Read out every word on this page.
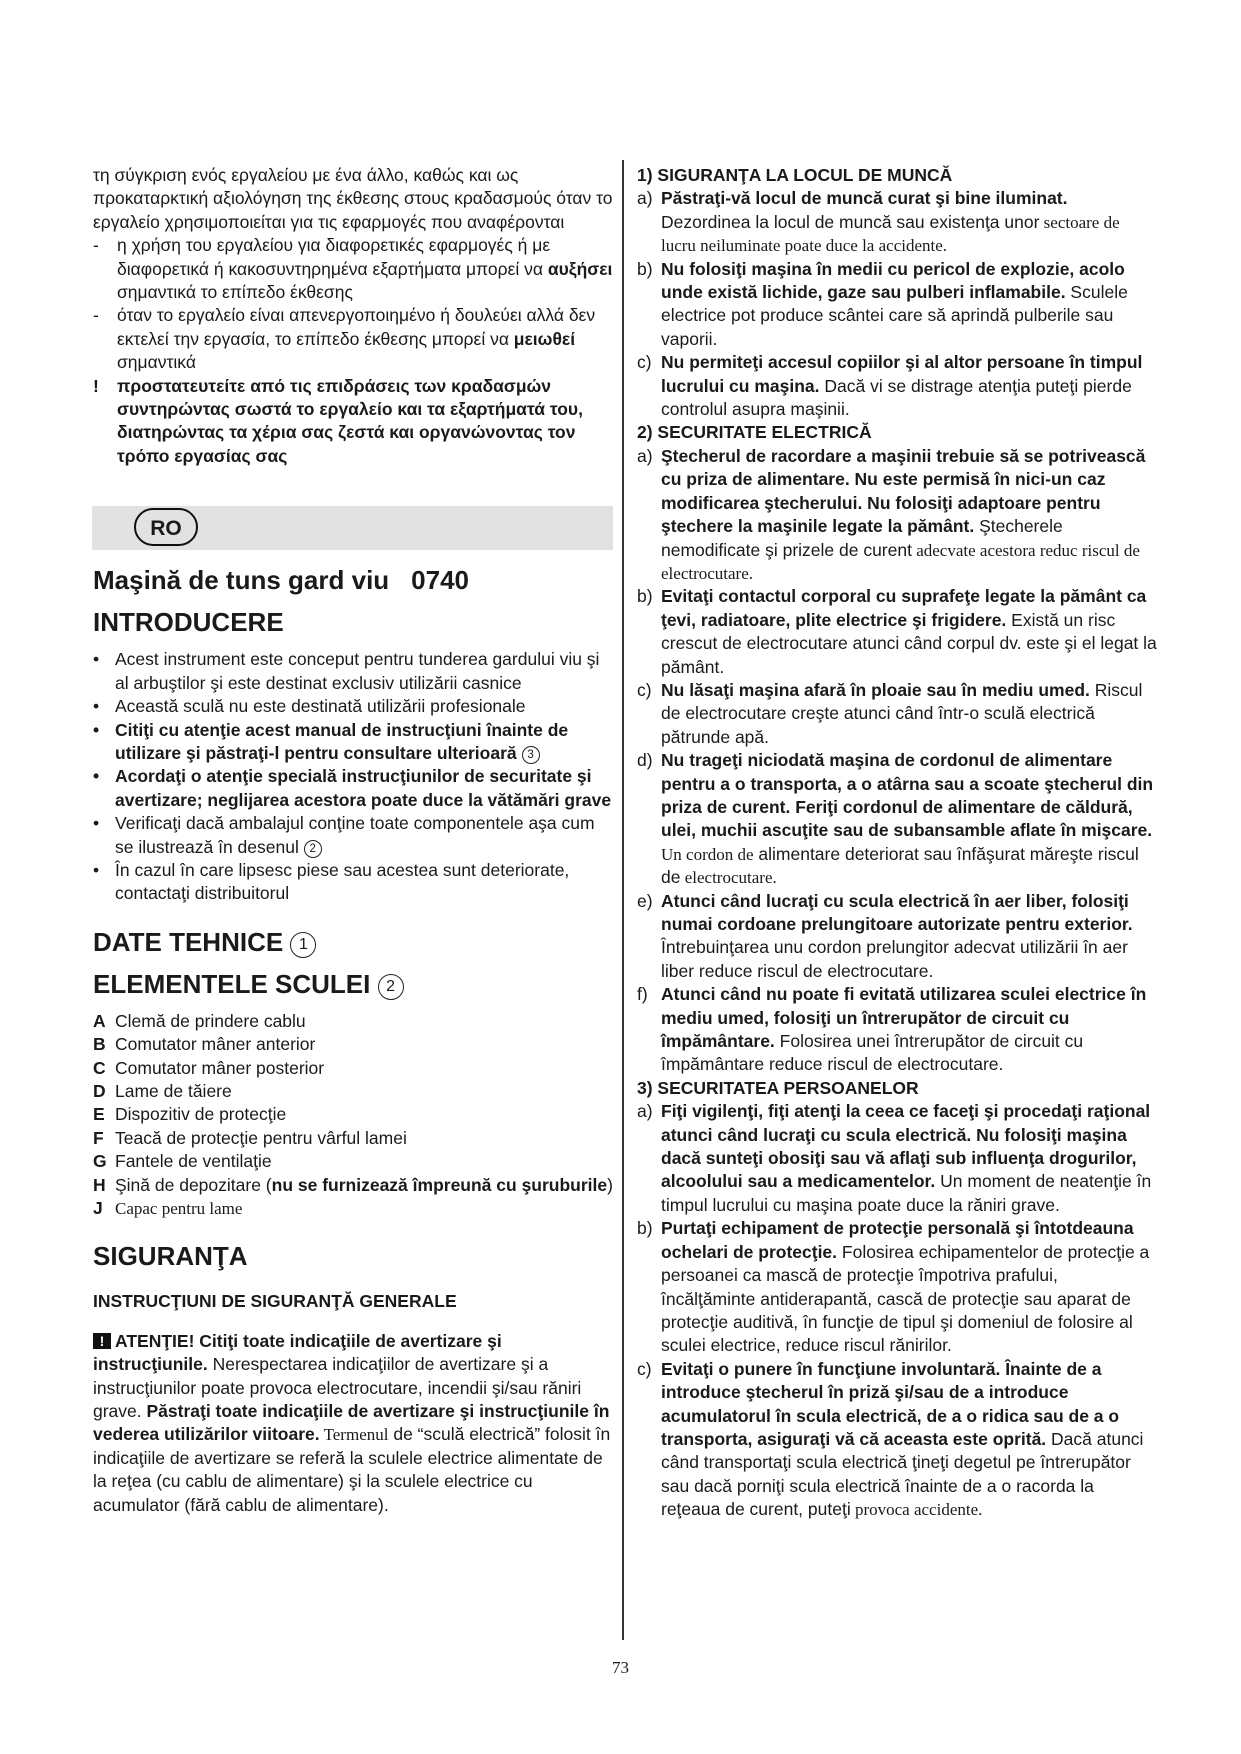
τη σύγκριση ενός εργαλείου με ένα άλλο, καθώς και ως προκαταρκτική αξιολόγηση της έκθεσης στους κραδασμούς όταν το εργαλείο χρησιμοποιείται για τις εφαρμογές που αναφέρονται

- η χρήση του εργαλείου για διαφορετικές εφαρμογές ή με διαφορετικά ή κακοσυντηρημένα εξαρτήματα μπορεί να αυξήσει σημαντικά το επίπεδο έκθεσης

- όταν το εργαλείο είναι απενεργοποιημένο ή δουλεύει αλλά δεν εκτελεί την εργασία, το επίπεδο έκθεσης μπορεί να μειωθεί σημαντικά

! προστατευτείτε από τις επιδράσεις των κραδασμών συντηρώντας σωστά το εργαλείο και τα εξαρτήματά του, διατηρώντας τα χέρια σας ζεστά και οργανώνοντας τον τρόπο εργασίας σας

RO
Maşină de tuns gard viu 0740
INTRODUCERE

• Acest instrument este conceput pentru tunderea gardului viu şi al arbuştilor şi este destinat exclusiv utilizării casnice

• Această sculă nu este destinată utilizării profesionale

• Citiţi cu atenţie acest manual de instrucţiuni înainte de utilizare şi păstraţi-l pentru consultare ulterioară 3

• Acordaţi o atenţie specială instrucţiunilor de securitate şi avertizare; neglijarea acestora poate duce la vătămări grave

• Verificaţi dacă ambalajul conţine toate componentele aşa cum se ilustrează în desenul 2

• În cazul în care lipsesc piese sau acestea sunt deteriorate, contactaţi distribuitorul

DATE TEHNICE 1
ELEMENTELE SCULEI 2

A Clemă de prindere cablu

B Comutator mâner anterior

C Comutator mâner posterior

D Lame de tăiere

E Dispozitiv de protecţie

F Teacă de protecţie pentru vârful lamei

G Fantele de ventilaţie

H Şină de depozitare (nu se furnizează împreună cu şuruburile)

J Capac pentru lame

SIGURANŢA
INSTRUCŢIUNI DE SIGURANŢĂ GENERALE

!ATENŢIE! Citiţi toate indicaţiile de avertizare şi instrucţiunile. Nerespectarea indicaţiilor de avertizare şi a instrucţiunilor poate provoca electrocutare, incendii şi/sau răniri grave. Păstraţi toate indicaţiile de avertizare şi instrucţiunile în vederea utilizărilor viitoare. Termenul de “sculă electrică” folosit în indicaţiile de avertizare se referă la sculele electrice alimentate de la reţea (cu cablu de alimentare) şi la sculele electrice cu acumulator (fără cablu de alimentare).

1) SIGURANŢA LA LOCUL DE MUNCĂ

a) Păstraţi-vă locul de muncă curat şi bine iluminat. Dezordinea la locul de muncă sau existenţa unor sectoare de lucru neiluminate poate duce la accidente.

b) Nu folosiţi maşina în medii cu pericol de explozie, acolo unde există lichide, gaze sau pulberi inflamabile. Sculele electrice pot produce scântei care să aprindă pulberile sau vaporii.

c) Nu permiteţi accesul copiilor şi al altor persoane în timpul lucrului cu maşina. Dacă vi se distrage atenţia puteţi pierde controlul asupra maşinii.

2) SECURITATE ELECTRICĂ

a) Ştecherul de racordare a maşinii trebuie să se potrivească cu priza de alimentare. Nu este permisă în nici-un caz modificarea ştecherului. Nu folosiţi adaptoare pentru ştechere la maşinile legate la pământ. Ştecherele nemodificate şi prizele de curent adecvate acestora reduc riscul de electrocutare.

b) Evitaţi contactul corporal cu suprafeţe legate la pământ ca ţevi, radiatoare, plite electrice şi frigidere. Există un risc crescut de electrocutare atunci când corpul dv. este şi el legat la pământ.

c) Nu lăsaţi maşina afară în ploaie sau în mediu umed. Riscul de electrocutare creşte atunci când într-o sculă electrică pătrunde apă.

d) Nu trageţi niciodată maşina de cordonul de alimentare pentru a o transporta, a o atârna sau a scoate ştecherul din priza de curent. Feriţi cordonul de alimentare de căldură, ulei, muchii ascuţite sau de subansamble aflate în mişcare. Un cordon de alimentare deteriorat sau înfăşurat măreşte riscul de electrocutare.

e) Atunci când lucraţi cu scula electrică în aer liber, folosiţi numai cordoane prelungitoare autorizate pentru exterior. Întrebuinţarea unu cordon prelungitor adecvat utilizării în aer liber reduce riscul de electrocutare.

f) Atunci când nu poate fi evitată utilizarea sculei electrice în mediu umed, folosiţi un întrerupător de circuit cu împământare. Folosirea unei întrerupător de circuit cu împământare reduce riscul de electrocutare.

3) SECURITATEA PERSOANELOR

a) Fiţi vigilenţi, fiţi atenţi la ceea ce faceţi şi procedaţi raţional atunci când lucraţi cu scula electrică. Nu folosiţi maşina dacă sunteţi obosiţi sau vă aflaţi sub influenţa drogurilor, alcoolului sau a medicamentelor. Un moment de neatenţie în timpul lucrului cu maşina poate duce la răniri grave.

b) Purtaţi echipament de protecţie personală şi întotdeauna ochelari de protecţie. Folosirea echipamentelor de protecţie a persoanei ca mască de protecţie împotriva prafului, încălţăminte antiderapantă, cască de protecţie sau aparat de protecţie auditivă, în funcţie de tipul şi domeniul de folosire al sculei electrice, reduce riscul rănirilor.

c) Evitaţi o punere în funcţiune involuntară. Înainte de a introduce ştecherul în priză şi/sau de a introduce acumulatorul în scula electrică, de a o ridica sau de a o transporta, asiguraţi vă că aceasta este oprită. Dacă atunci când transportaţi scula electrică ţineţi degetul pe întrerupător sau dacă porniţi scula electrică înainte de a o racorda la reţeaua de curent, puteţi provoca accidente.

73
